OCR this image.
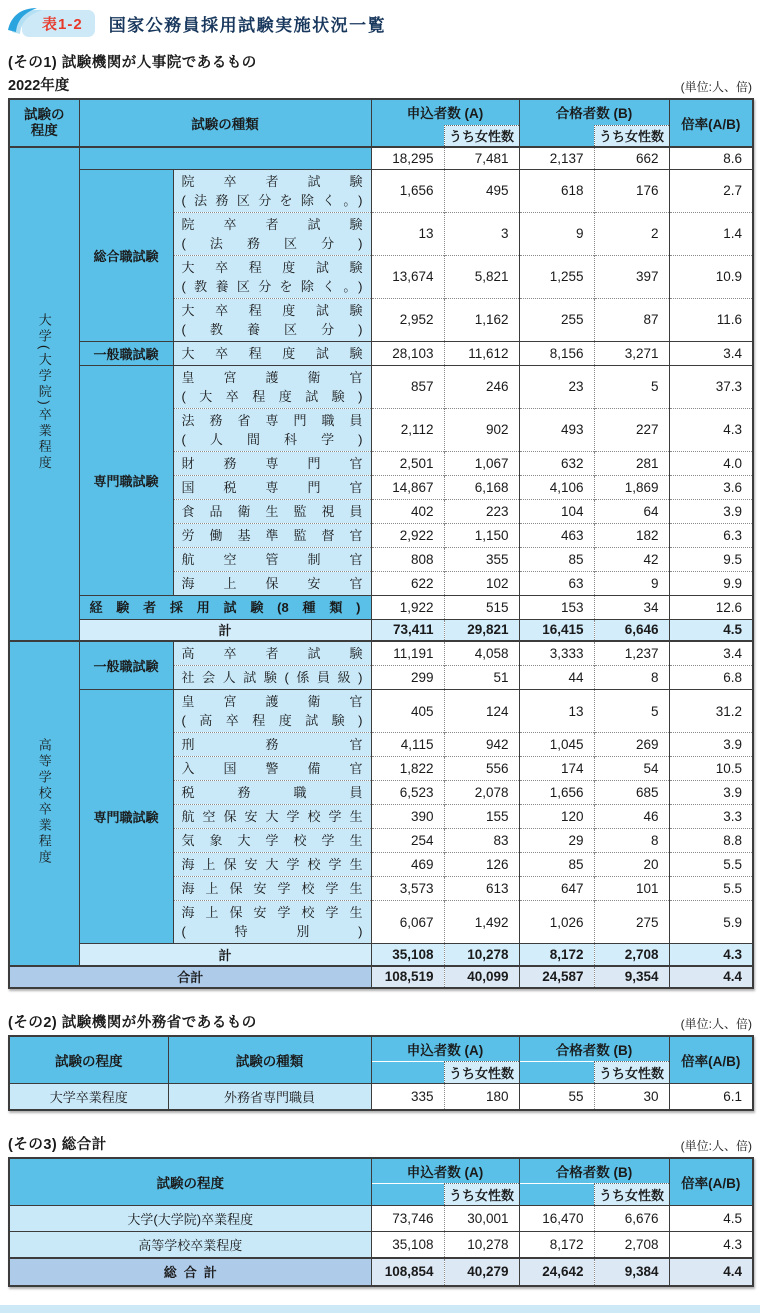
表1-2	国家公務員採用試験実施状況一覧
(その1) 試験機関が人事院であるもの
2022年度	(単位:人、倍)
試験の
程度	試験の種類		申込者数 (A)		合格者数 (B)		倍率(A/B)
				うち女性数		うち女性数	
大学(大学院)卒業程度			18,295	7,481	2,137	662	8.6
	総合職試験	院卒者試験
(法務区分を除く。)	1,656	495	618	176	2.7

		院卒者試験
(法務区分)	13	3	9	2	1.4

		大卒程度試験
(教養区分を除く。)	13,674	5,821	1,255	397	10.9

		大卒程度試験
(教養区分)	2,952	1,162	255	87	11.6
	一般職試験	大卒程度試験	28,103	11,612	8,156	3,271	3.4
	専門職試験	皇宮護衛官
(大卒程度試験)	857	246	23	5	37.3

		法務省専門職員
(人間科学)	2,112	902	493	227	4.3

		財務専門官	2,501	1,067	632	281	4.0

		国税専門官	14,867	6,168	4,106	1,869	3.6

		食品衛生監視員	402	223	104	64	3.9

		労働基準監督官	2,922	1,150	463	182	6.3

		航空管制官	808	355	85	42	9.5

		海上保安官	622	102	63	9	9.9

	経験者採用試験(8種類)		1,922	515	153	34	12.6
	計		73,411	29,821	16,415	6,646	4.5
高等学校卒業程度	一般職試験	高卒者試験	11,191	4,058	3,333	1,237	3.4

		社会人試験(係員級)	299	51	44	8	6.8
	専門職試験	皇宮護衛官
(高卒程度試験)	405	124	13	5	31.2

		刑務官	4,115	942	1,045	269	3.9

		入国警備官	1,822	556	174	54	10.5

		税務職員	6,523	2,078	1,656	685	3.9

		航空保安大学校学生	390	155	120	46	3.3

		気象大学校学生	254	83	29	8	8.8

		海上保安大学校学生	469	126	85	20	5.5

		海上保安学校学生	3,573	613	647	101	5.5

		海上保安学校学生
(特別)	6,067	1,492	1,026	275	5.9
	計		35,108	10,278	8,172	2,708	4.3
合計			108,519	40,099	24,587	9,354	4.4
(その2) 試験機関が外務省であるもの	(単位:人、倍)
試験の程度	試験の種類	申込者数 (A)		合格者数 (B)		倍率(A/B)
			うち女性数		うち女性数	
大学卒業程度	外務省専門職員	335	180	55	30	6.1
(その3) 総合計	(単位:人、倍)
試験の程度	申込者数 (A)		合格者数 (B)		倍率(A/B)
		うち女性数		うち女性数	
大学(大学院)卒業程度	73,746	30,001	16,470	6,676	4.5
高等学校卒業程度	35,108	10,278	8,172	2,708	4.3
総合計	108,854	40,279	24,642	9,384	4.4
